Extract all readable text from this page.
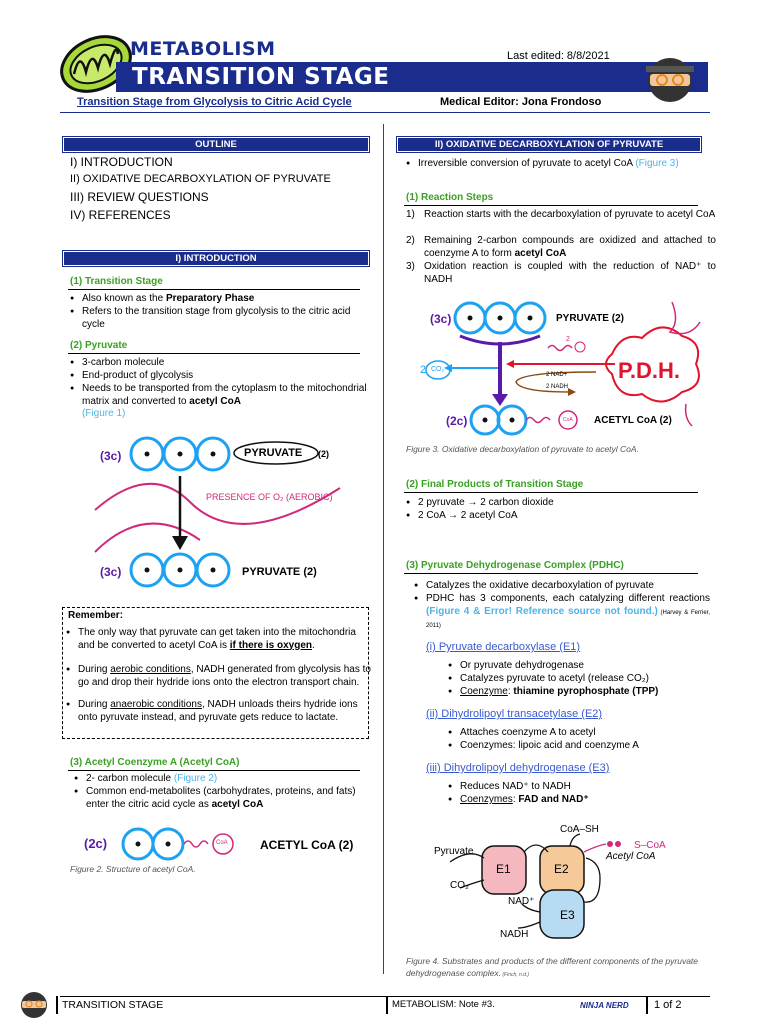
METABOLISM
TRANSITION STAGE
Last edited: 8/8/2021
Transition Stage from Glycolysis to Citric Acid Cycle	Medical Editor: Jona Frondoso
OUTLINE
I) INTRODUCTION
II) OXIDATIVE DECARBOXYLATION OF PYRUVATE
III) REVIEW QUESTIONS
IV) REFERENCES
I) INTRODUCTION
(1) Transition Stage
● Also known as the Preparatory Phase
● Refers to the transition stage from glycolysis to the citric acid cycle
(2) Pyruvate
● 3-carbon molecule
● End-product of glycolysis
● Needs to be transported from the cytoplasm to the mitochondrial matrix and converted to acetyl CoA
(Figure 1)
(3c)	PYRUVATE (2)
PRESENCE OF O₂ (AEROBIC)
(3c)	PYRUVATE (2)
Remember:
● The only way that pyruvate can get taken into the mitochondria and be converted to acetyl CoA is if there is oxygen.
● During aerobic conditions, NADH generated from glycolysis has to go and drop their hydride ions onto the electron transport chain.
● During anaerobic conditions, NADH unloads theirs hydride ions onto pyruvate instead, and pyruvate gets reduce to lactate.
(3) Acetyl Coenzyme A (Acetyl CoA)
● 2- carbon molecule (Figure 2)
● Common end-metabolites (carbohydrates, proteins, and fats) enter the citric acid cycle as acetyl CoA
(2c)	CoA	ACETYL CoA (2)
Figure 2. Structure of acetyl CoA.
II) OXIDATIVE DECARBOXYLATION OF PYRUVATE
● Irreversible conversion of pyruvate to acetyl CoA (Figure 3)
(1) Reaction Steps
1) Reaction starts with the decarboxylation of pyruvate to acetyl CoA
2) Remaining 2-carbon compounds are oxidized and attached to coenzyme A to form acetyl CoA
3) Oxidation reaction is coupled with the reduction of NAD⁺ to NADH
(3c)	PYRUVATE (2)
2 CO₂
2
2 NAD+
2 NADH
P.D.H.
(2c)	CoA ACETYL CoA (2)
Figure 3. Oxidative decarboxylation of pyruvate to acetyl CoA.
(2) Final Products of Transition Stage
● 2 pyruvate → 2 carbon dioxide
● 2 CoA → 2 acetyl CoA
(3) Pyruvate Dehydrogenase Complex (PDHC)
● Catalyzes the oxidative decarboxylation of pyruvate
● PDHC has 3 components, each catalyzing different reactions (Figure 4 & Error! Reference source not found.) (Harvey & Ferrier, 2011)
(i) Pyruvate decarboxylase (E1)
● Or pyruvate dehydrogenase
● Catalyzes pyruvate to acetyl (release CO₂)
● Coenzyme: thiamine pyrophosphate (TPP)
(ii) Dihydrolipoyl transacetylase (E2)
● Attaches coenzyme A to acetyl
● Coenzymes: lipoic acid and coenzyme A
(iii) Dihydrolipoyl dehydrogenase (E3)
● Reduces NAD⁺ to NADH
● Coenzymes: FAD and NAD⁺
CoA–SH
S–CoA
Acetyl CoA
Pyruvate
CO₂
E1	E2
E3
NAD⁺
NADH
Figure 4. Substrates and products of the different components of the pyruvate dehydrogenase complex. (Finch, n.d.)
TRANSITION STAGE	METABOLISM: Note #3.	NINJA NERD 1 of 2
